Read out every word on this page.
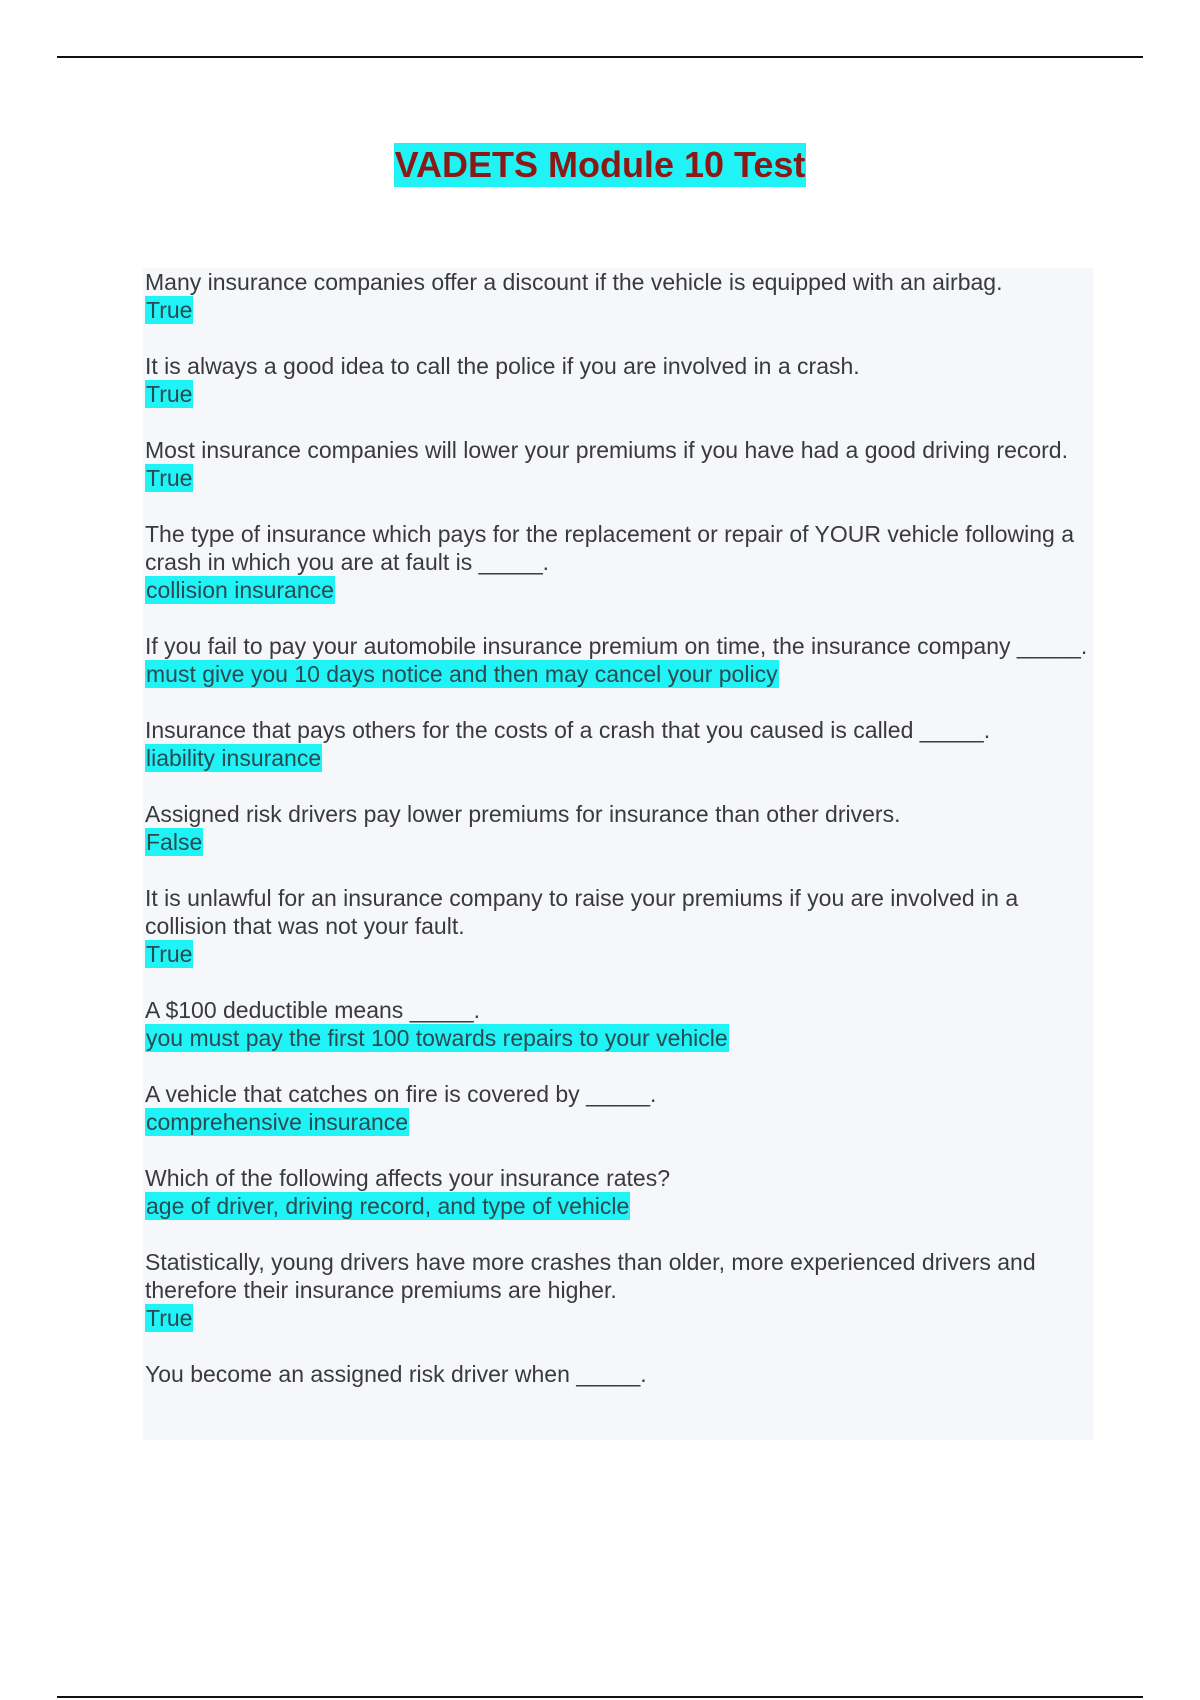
VADETS Module 10 Test

Many insurance companies offer a discount if the vehicle is equipped with an airbag.

True

It is always a good idea to call the police if you are involved in a crash.

True

Most insurance companies will lower your premiums if you have had a good driving record.

True

The type of insurance which pays for the replacement or repair of YOUR vehicle following a crash in which you are at fault is _____.

collision insurance

If you fail to pay your automobile insurance premium on time, the insurance company _____.

must give you 10 days notice and then may cancel your policy

Insurance that pays others for the costs of a crash that you caused is called _____.

liability insurance

Assigned risk drivers pay lower premiums for insurance than other drivers.

False

It is unlawful for an insurance company to raise your premiums if you are involved in a collision that was not your fault.

True

A $100 deductible means _____.

you must pay the first 100 towards repairs to your vehicle

A vehicle that catches on fire is covered by _____.

comprehensive insurance

Which of the following affects your insurance rates?

age of driver, driving record, and type of vehicle

Statistically, young drivers have more crashes than older, more experienced drivers and therefore their insurance premiums are higher.

True

You become an assigned risk driver when _____.
